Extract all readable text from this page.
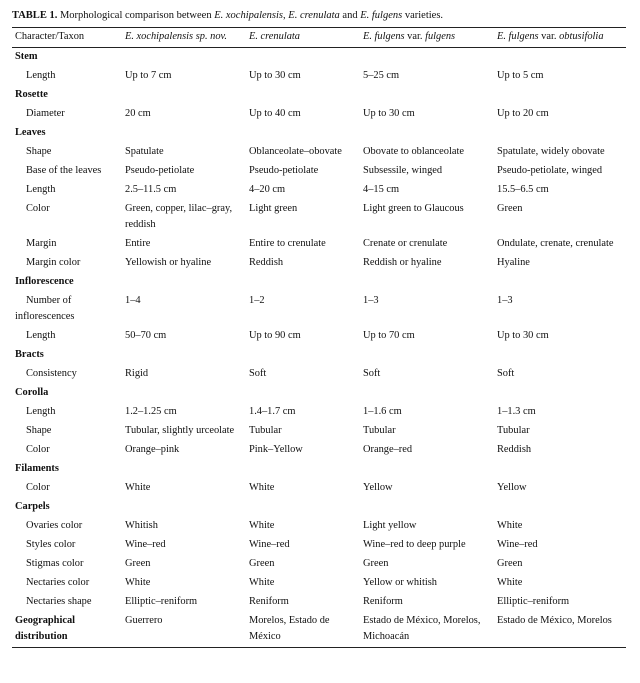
TABLE 1. Morphological comparison between E. xochipalensis, E. crenulata and E. fulgens varieties.
Character/Taxon	E. xochipalensis sp. nov.	E. crenulata	E. fulgens var. fulgens	E. fulgens var. obtusifolia
Stem				
Length	Up to 7 cm	Up to 30 cm	5–25 cm	Up to 5 cm
Rosette				
Diameter	20 cm	Up to 40 cm	Up to 30 cm	Up to 20 cm
Leaves				
Shape	Spatulate	Oblanceolate–obovate	Obovate to oblanceolate	Spatulate, widely obovate
Base of the leaves	Pseudo-petiolate	Pseudo-petiolate	Subsessile, winged	Pseudo-petiolate, winged
Length	2.5–11.5 cm	4–20 cm	4–15 cm	15.5–6.5 cm
Color	Green, copper, lilac–gray, reddish	Light green	Light green to Glaucous	Green
Margin	Entire	Entire to crenulate	Crenate or crenulate	Ondulate, crenate, crenulate
Margin color	Yellowish or hyaline	Reddish	Reddish or hyaline	Hyaline
Inflorescence				
Number of inflorescences	1–4	1–2	1–3	1–3
Length	50–70 cm	Up to 90 cm	Up to 70 cm	Up to 30 cm
Bracts				
Consistency	Rigid	Soft	Soft	Soft
Corolla				
Length	1.2–1.25 cm	1.4–1.7 cm	1–1.6 cm	1–1.3 cm
Shape	Tubular, slightly urceolate	Tubular	Tubular	Tubular
Color	Orange–pink	Pink–Yellow	Orange–red	Reddish
Filaments				
Color	White	White	Yellow	Yellow
Carpels				
Ovaries color	Whitish	White	Light yellow	White
Styles color	Wine–red	Wine–red	Wine–red to deep purple	Wine–red
Stigmas color	Green	Green	Green	Green
Nectaries color	White	White	Yellow or whitish	White
Nectaries shape	Elliptic–reniform	Reniform	Reniform	Elliptic–reniform
Geographical distribution	Guerrero	Morelos, Estado de México	Estado de México, Morelos, Michoacán	Estado de México, Morelos
